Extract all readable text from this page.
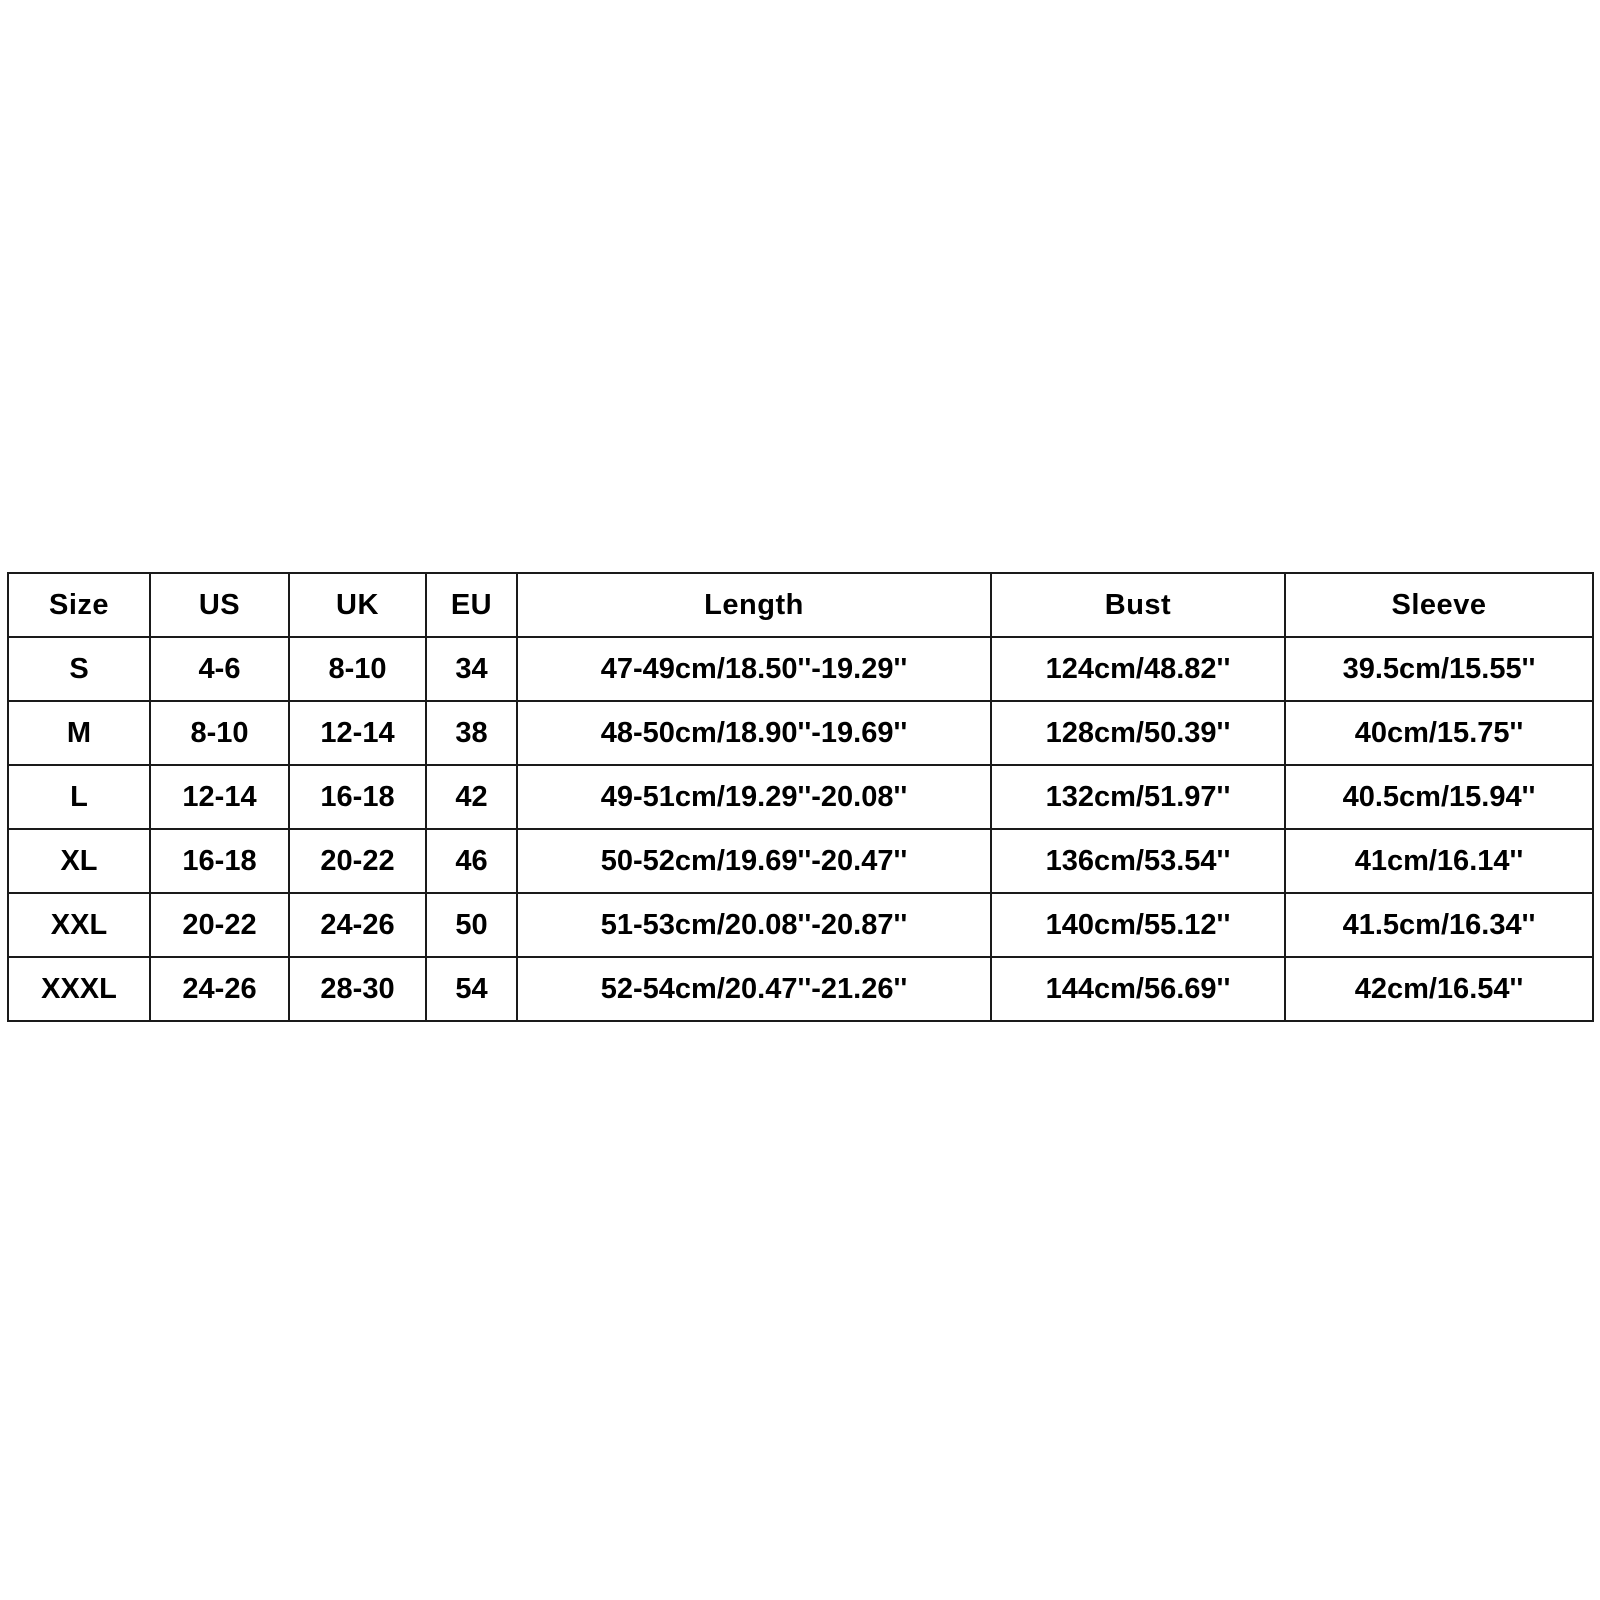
Size	US	UK	EU	Length	Bust	Sleeve
S	4-6	8-10	34	47-49cm/18.50''-19.29''	124cm/48.82''	39.5cm/15.55''
M	8-10	12-14	38	48-50cm/18.90''-19.69''	128cm/50.39''	40cm/15.75''
L	12-14	16-18	42	49-51cm/19.29''-20.08''	132cm/51.97''	40.5cm/15.94''
XL	16-18	20-22	46	50-52cm/19.69''-20.47''	136cm/53.54''	41cm/16.14''
XXL	20-22	24-26	50	51-53cm/20.08''-20.87''	140cm/55.12''	41.5cm/16.34''
XXXL	24-26	28-30	54	52-54cm/20.47''-21.26''	144cm/56.69''	42cm/16.54''
